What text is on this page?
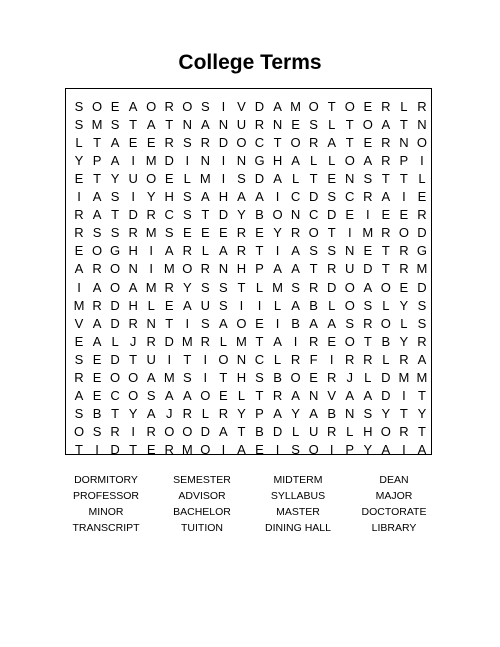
College Terms
S O E A O R O S I V D A M O T O E R L R
S M S T A T N A N U R N E S L T O A T N
L T A E E R S R D O C T O R A T E R N O
Y P A I M D I N I N G H A L L O A R P I
E T Y U O E L M I S D A L T E N S T T L
I A S I Y H S A H A A I C D S C R A I E
R A T D R C S T D Y B O N C D E I E E R
R S S R M S E E E R E Y R O T I M R O D
E O G H I A R L A R T I A S S N E T R G
A R O N I M O R N H P A A T R U D T R M
I A O A M R Y S S T L M S R D O A O E D
M R D H L E A U S I	I L A B L O S L Y S
V A D R N T I S A O E I B A A S R O L S
E A L J R D M R L M T A I R E O T B Y R
S E D T U I T I O N C L R F I R R L R A
R E O O A M S I T H S B O E R J L D M M
A E C O S A A O E L T R A N V A A D I T
S B T Y A J R L R Y P A Y A B N S Y T Y
O S R I R O O D A T B D L U R L H O R T
T I D T E R M O I A E I S O I P Y A I A
DORMITORY	SEMESTER	MIDTERM	DEAN
PROFESSOR	ADVISOR	SYLLABUS	MAJOR
MINOR	BACHELOR	MASTER	DOCTORATE
TRANSCRIPT	TUITION	DINING HALL	LIBRARY
